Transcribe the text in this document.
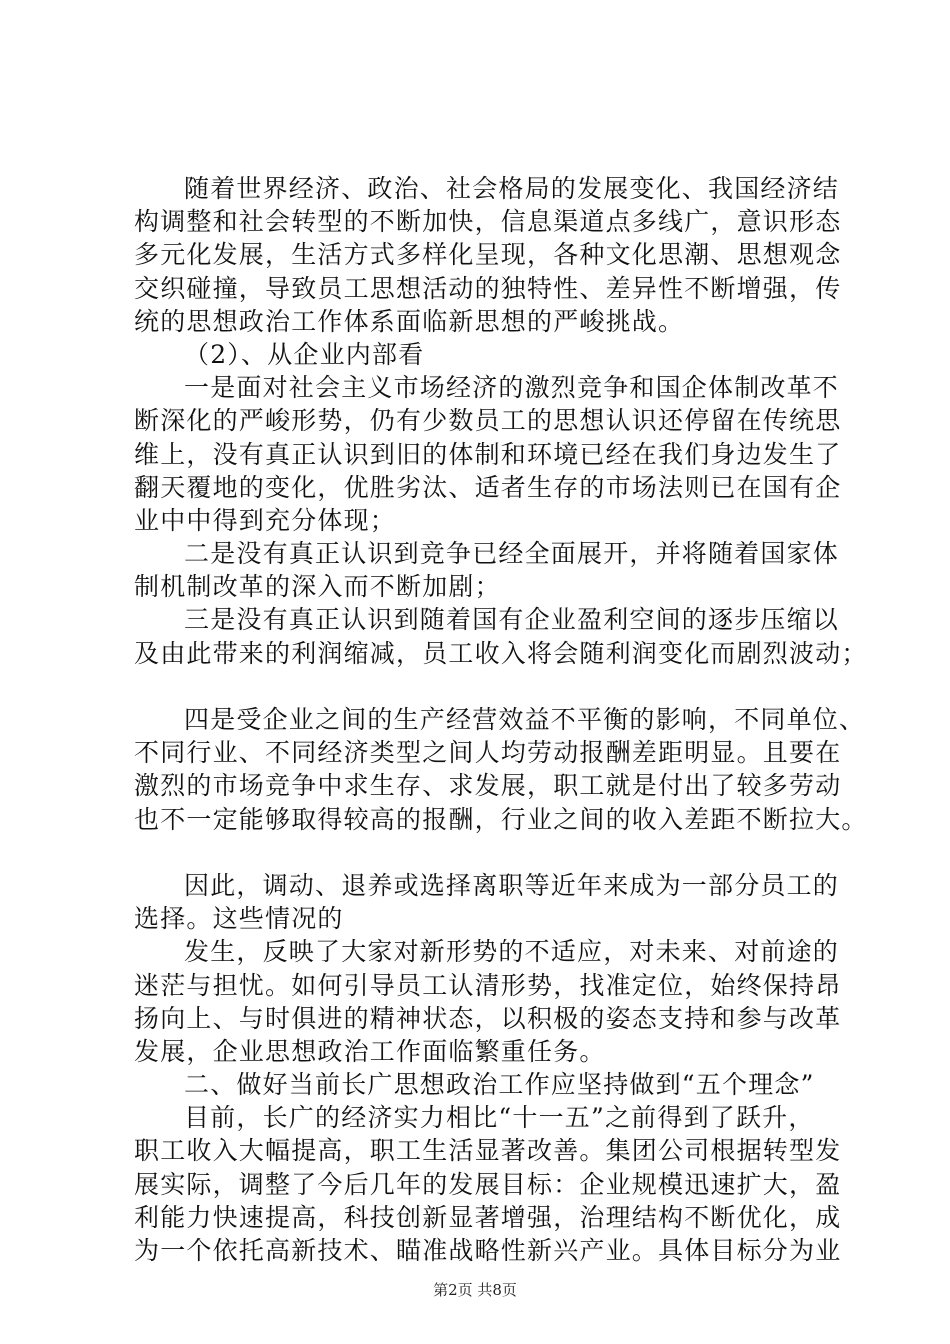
随着世界经济、政治、社会格局的发展变化、我国经济结
构调整和社会转型的不断加快，信息渠道点多线广，意识形态
多元化发展，生活方式多样化呈现，各种文化思潮、思想观念
交织碰撞，导致员工思想活动的独特性、差异性不断增强，传
统的思想政治工作体系面临新思想的严峻挑战。
（2）、从企业内部看
一是面对社会主义市场经济的激烈竞争和国企体制改革不
断深化的严峻形势，仍有少数员工的思想认识还停留在传统思
维上，没有真正认识到旧的体制和环境已经在我们身边发生了
翻天覆地的变化，优胜劣汰、适者生存的市场法则已在国有企
业中中得到充分体现；
二是没有真正认识到竞争已经全面展开，并将随着国家体
制机制改革的深入而不断加剧；
三是没有真正认识到随着国有企业盈利空间的逐步压缩以
及由此带来的利润缩减，员工收入将会随利润变化而剧烈波动；
四是受企业之间的生产经营效益不平衡的影响，不同单位、
不同行业、不同经济类型之间人均劳动报酬差距明显。且要在
激烈的市场竞争中求生存、求发展，职工就是付出了较多劳动
也不一定能够取得较高的报酬，行业之间的收入差距不断拉大。
因此，调动、退养或选择离职等近年来成为一部分员工的
选择。这些情况的
发生，反映了大家对新形势的不适应，对未来、对前途的
迷茫与担忧。如何引导员工认清形势，找准定位，始终保持昂
扬向上、与时俱进的精神状态，以积极的姿态支持和参与改革
发展，企业思想政治工作面临繁重任务。
二、做好当前长广思想政治工作应坚持做到“五个理念”
目前，长广的经济实力相比“十一五”之前得到了跃升，
职工收入大幅提高，职工生活显著改善。集团公司根据转型发
展实际，调整了今后几年的发展目标：企业规模迅速扩大，盈
利能力快速提高，科技创新显著增强，治理结构不断优化，成
为一个依托高新技术、瞄准战略性新兴产业。具体目标分为业
第2页 共8页
